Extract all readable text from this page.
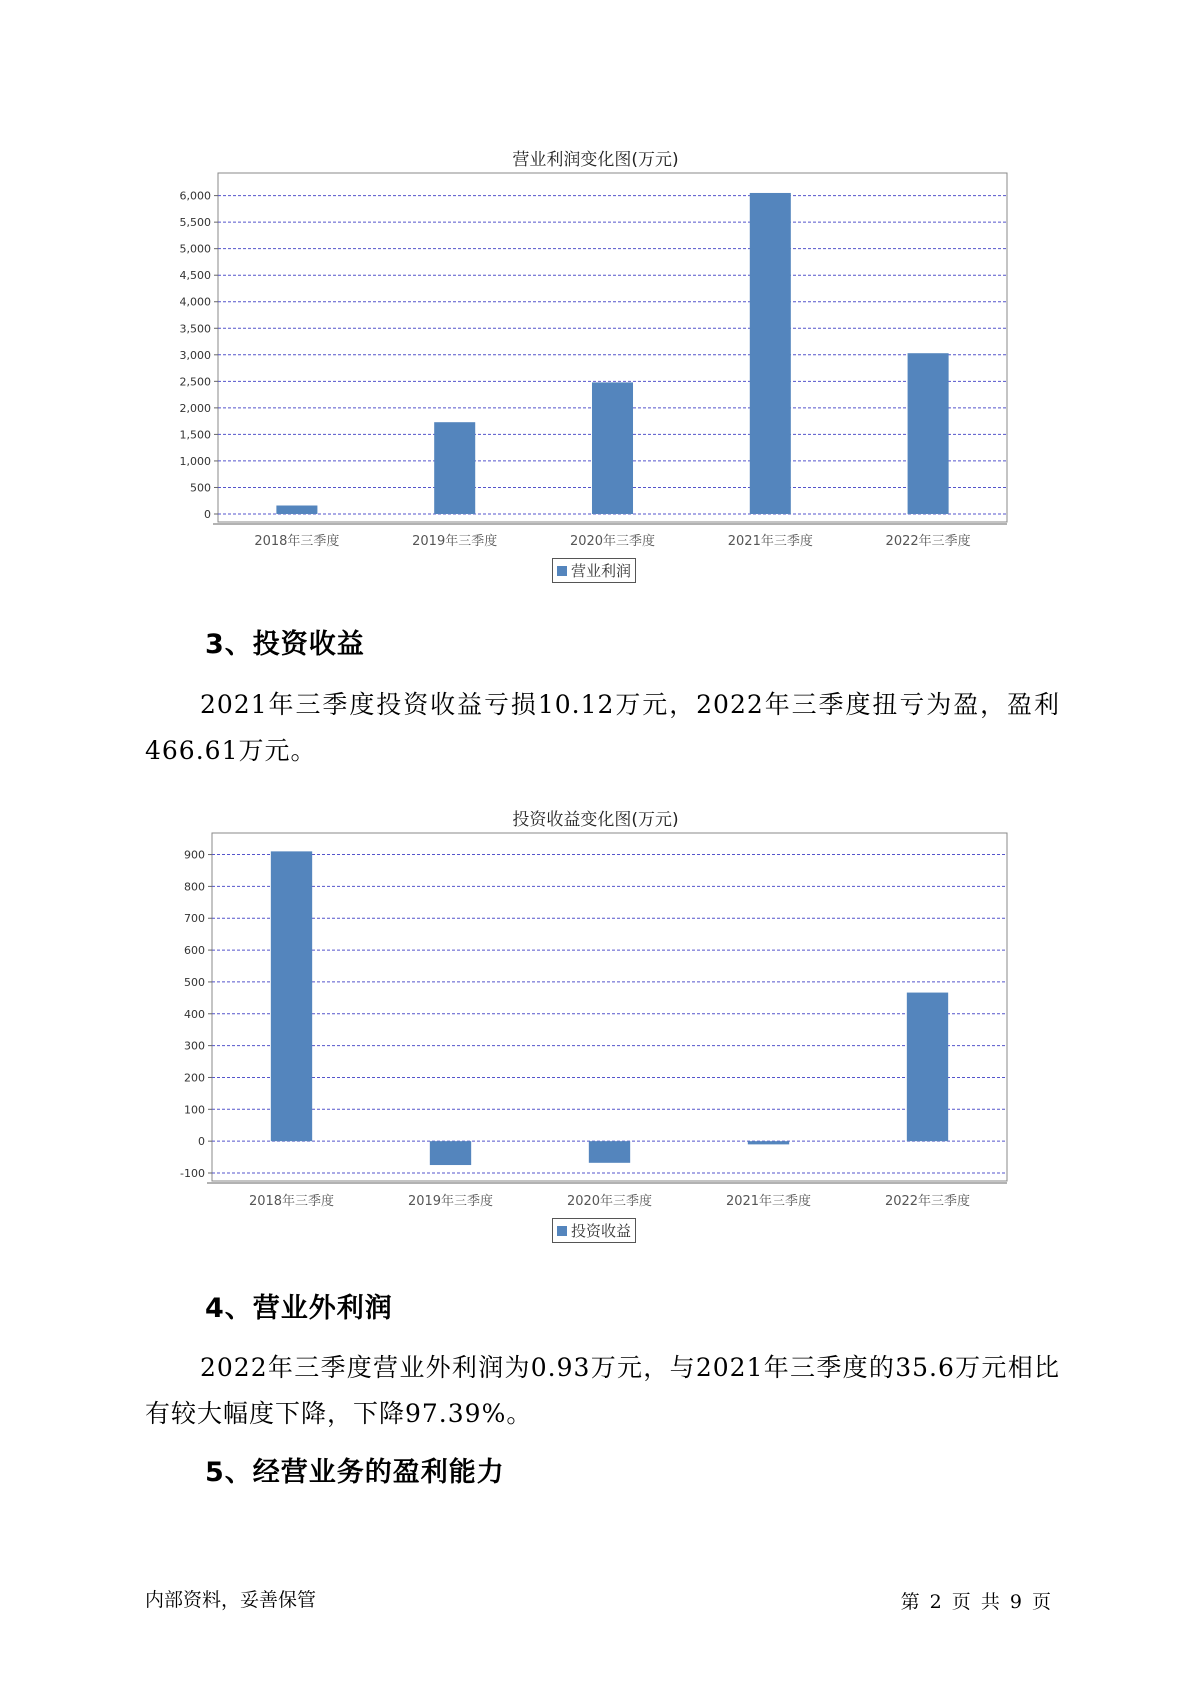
营业利润变化图(万元)
0
500
1,000
1,500
2,000
2,500
3,000
3,500
4,000
4,500
5,000
5,500
6,000
2018年三季度	2019年三季度	2020年三季度	2021年三季度	2022年三季度
营业利润
3、投资收益
2021年三季度投资收益亏损10.12万元，2022年三季度扭亏为盈，盈利466.61万元。
投资收益变化图(万元)
-100
0
100
200
300
400
500
600
700
800
900
2018年三季度	2019年三季度	2020年三季度	2021年三季度	2022年三季度
投资收益
4、营业外利润
2022年三季度营业外利润为0.93万元，与2021年三季度的35.6万元相比有较大幅度下降，下降97.39%。
5、经营业务的盈利能力
内部资料，妥善保管	第 2 页 共 9 页
